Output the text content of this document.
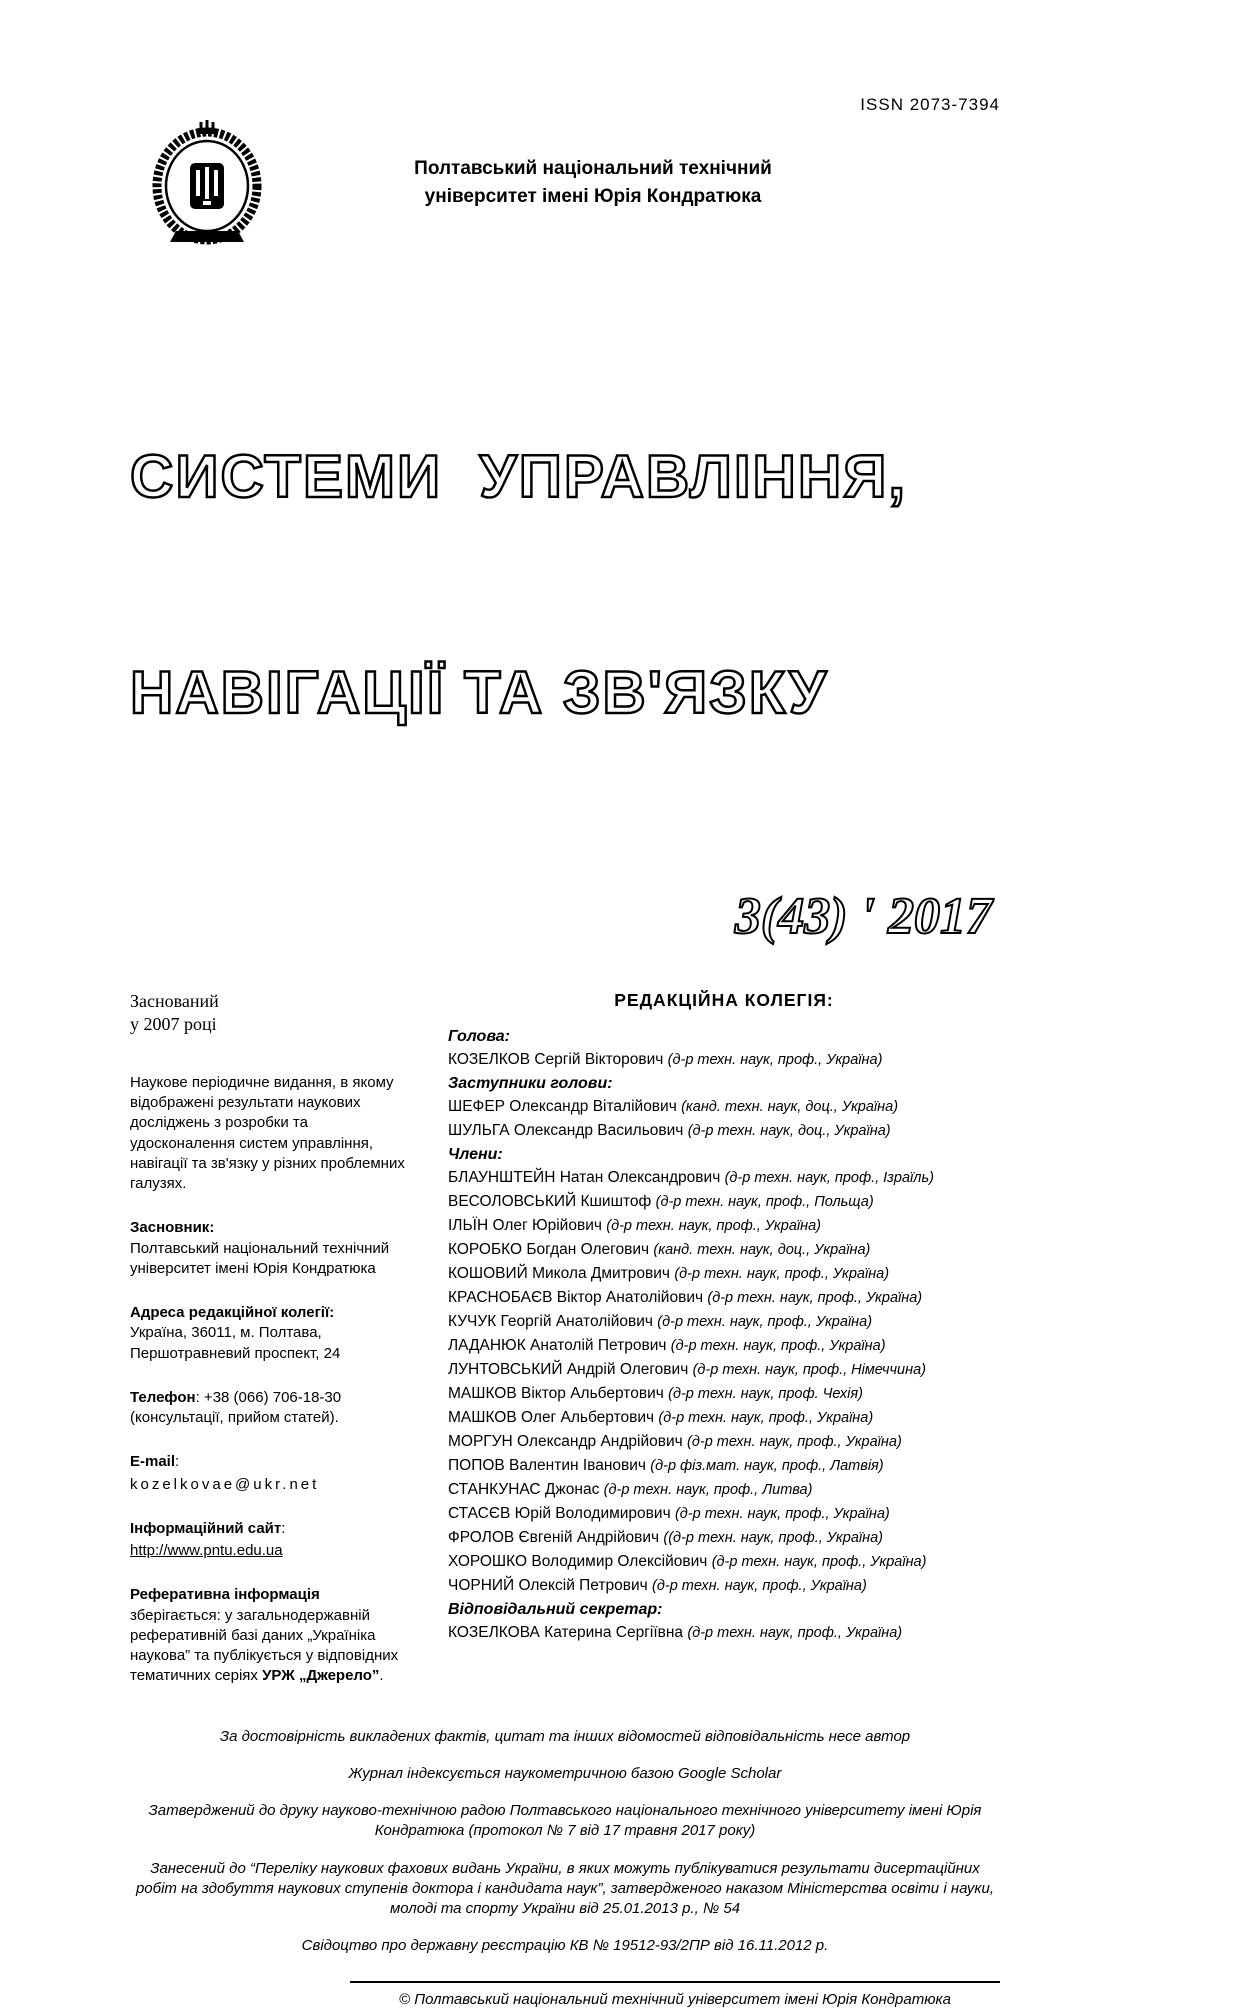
ISSN 2073-7394
Полтавський національний технічний
університет імені Юрія Кондратюка

СИСТЕМИ  УПРАВЛІННЯ,

НАВІГАЦІЇ ТА ЗВ'ЯЗКУ

3(43) ' 2017
Заснований
у 2007 році
Наукове періодичне видання, в якому відображені результати наукових досліджень з розробки та удосконалення систем управління, навігації та зв'язку у різних проблемних галузях.
Засновник:
Полтавський національний технічний університет імені Юрія Кондратюка
Адреса редакційної колегії:
Україна, 36011, м. Полтава,
Першотравневий проспект, 24
Телефон: +38 (066) 706-18-30
(консультації, прийом статей).
E-mail:
kozelkovae@ukr.net
Інформаційний сайт:
http://www.pntu.edu.ua
Реферативна інформація зберігається: у загальнодержавній реферативній базі даних „Україніка наукова” та публікується у відповідних тематичних серіях УРЖ „Джерело”.
РЕДАКЦІЙНА КОЛЕГІЯ:
Голова:
КОЗЕЛКОВ Сергій Вікторович (д-р техн. наук, проф., Україна)
Заступники голови:
ШЕФЕР Олександр Віталійович (канд. техн. наук, доц., Україна)
ШУЛЬГА Олександр Васильович (д-р техн. наук, доц., Україна)
Члени:
БЛАУНШТЕЙН Натан Олександрович (д-р техн. наук, проф., Ізраїль)
ВЕСОЛОВСЬКИЙ Кшиштоф (д-р техн. наук, проф., Польща)
ІЛЬЇН Олег Юрійович (д-р техн. наук, проф., Україна)
КОРОБКО Богдан Олегович (канд. техн. наук, доц., Україна)
КОШОВИЙ Микола Дмитрович (д-р техн. наук, проф., Україна)
КРАСНОБАЄВ Віктор Анатолійович (д-р техн. наук, проф., Україна)
КУЧУК Георгій Анатолійович (д-р техн. наук, проф., Україна)
ЛАДАНЮК Анатолій Петрович (д-р техн. наук, проф., Україна)
ЛУНТОВСЬКИЙ Андрій Олегович (д-р техн. наук, проф., Німеччина)
МАШКОВ Віктор Альбертович (д-р техн. наук, проф. Чехія)
МАШКОВ Олег Альбертович (д-р техн. наук, проф., Україна)
МОРГУН Олександр Андрійович (д-р техн. наук, проф., Україна)
ПОПОВ Валентин Іванович (д-р фіз.мат. наук, проф., Латвія)
СТАНКУНАС Джонас (д-р техн. наук, проф., Литва)
СТАСЄВ Юрій Володимирович (д-р техн. наук, проф., Україна)
ФРОЛОВ Євгеній Андрійович ((д-р техн. наук, проф., Україна)
ХОРОШКО Володимир Олексійович (д-р техн. наук, проф., Україна)
ЧОРНИЙ Олексій Петрович (д-р техн. наук, проф., Україна)
Відповідальний секретар:
КОЗЕЛКОВА Катерина Сергіївна (д-р техн. наук, проф., Україна)

За достовірність викладених фактів, цитат та інших відомостей відповідальність несе автор

Журнал індексується наукометричною базою Google Scholar

Затверджений до друку науково-технічною радою Полтавського національного технічного університету імені Юрія Кондратюка (протокол № 7 від 17 травня 2017 року)

Занесений до “Переліку наукових фахових видань України, в яких можуть публікуватися результати дисертаційних робіт на здобуття наукових ступенів доктора і кандидата наук”, затвердженого наказом Міністерства освіти і науки, молоді та спорту України від 25.01.2013 р., № 54

Свідоцтво про державну реєстрацію КВ № 19512-93/2ПР від 16.11.2012 р.

© Полтавський національний технічний університет імені Юрія Кондратюка
